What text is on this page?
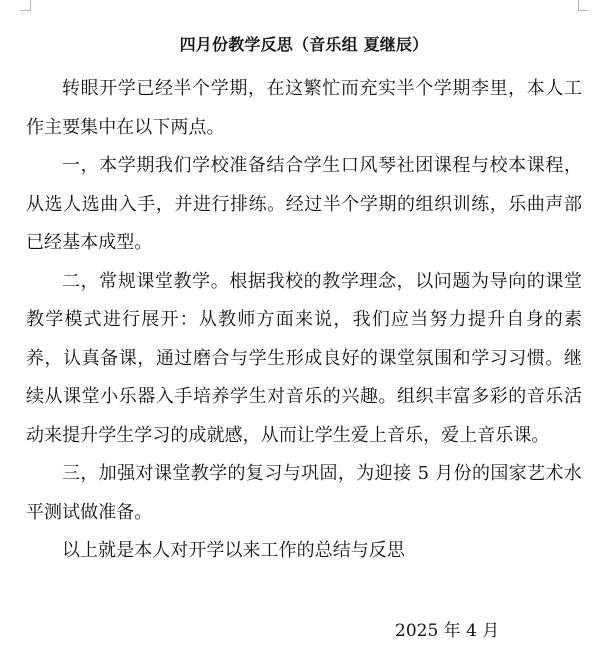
四月份教学反思（音乐组 夏继辰）

转眼开学已经半个学期，在这繁忙而充实半个学期李里，本人工作主要集中在以下两点。

一，本学期我们学校准备结合学生口风琴社团课程与校本课程，从选人选曲入手，并进行排练。经过半个学期的组织训练，乐曲声部已经基本成型。

二，常规课堂教学。根据我校的教学理念，以问题为导向的课堂教学模式进行展开：从教师方面来说，我们应当努力提升自身的素养，认真备课，通过磨合与学生形成良好的课堂氛围和学习习惯。继续从课堂小乐器入手培养学生对音乐的兴趣。组织丰富多彩的音乐活动来提升学生学习的成就感，从而让学生爱上音乐，爱上音乐课。

三，加强对课堂教学的复习与巩固，为迎接 5 月份的国家艺术水平测试做准备。

以上就是本人对开学以来工作的总结与反思

2025 年 4 月
